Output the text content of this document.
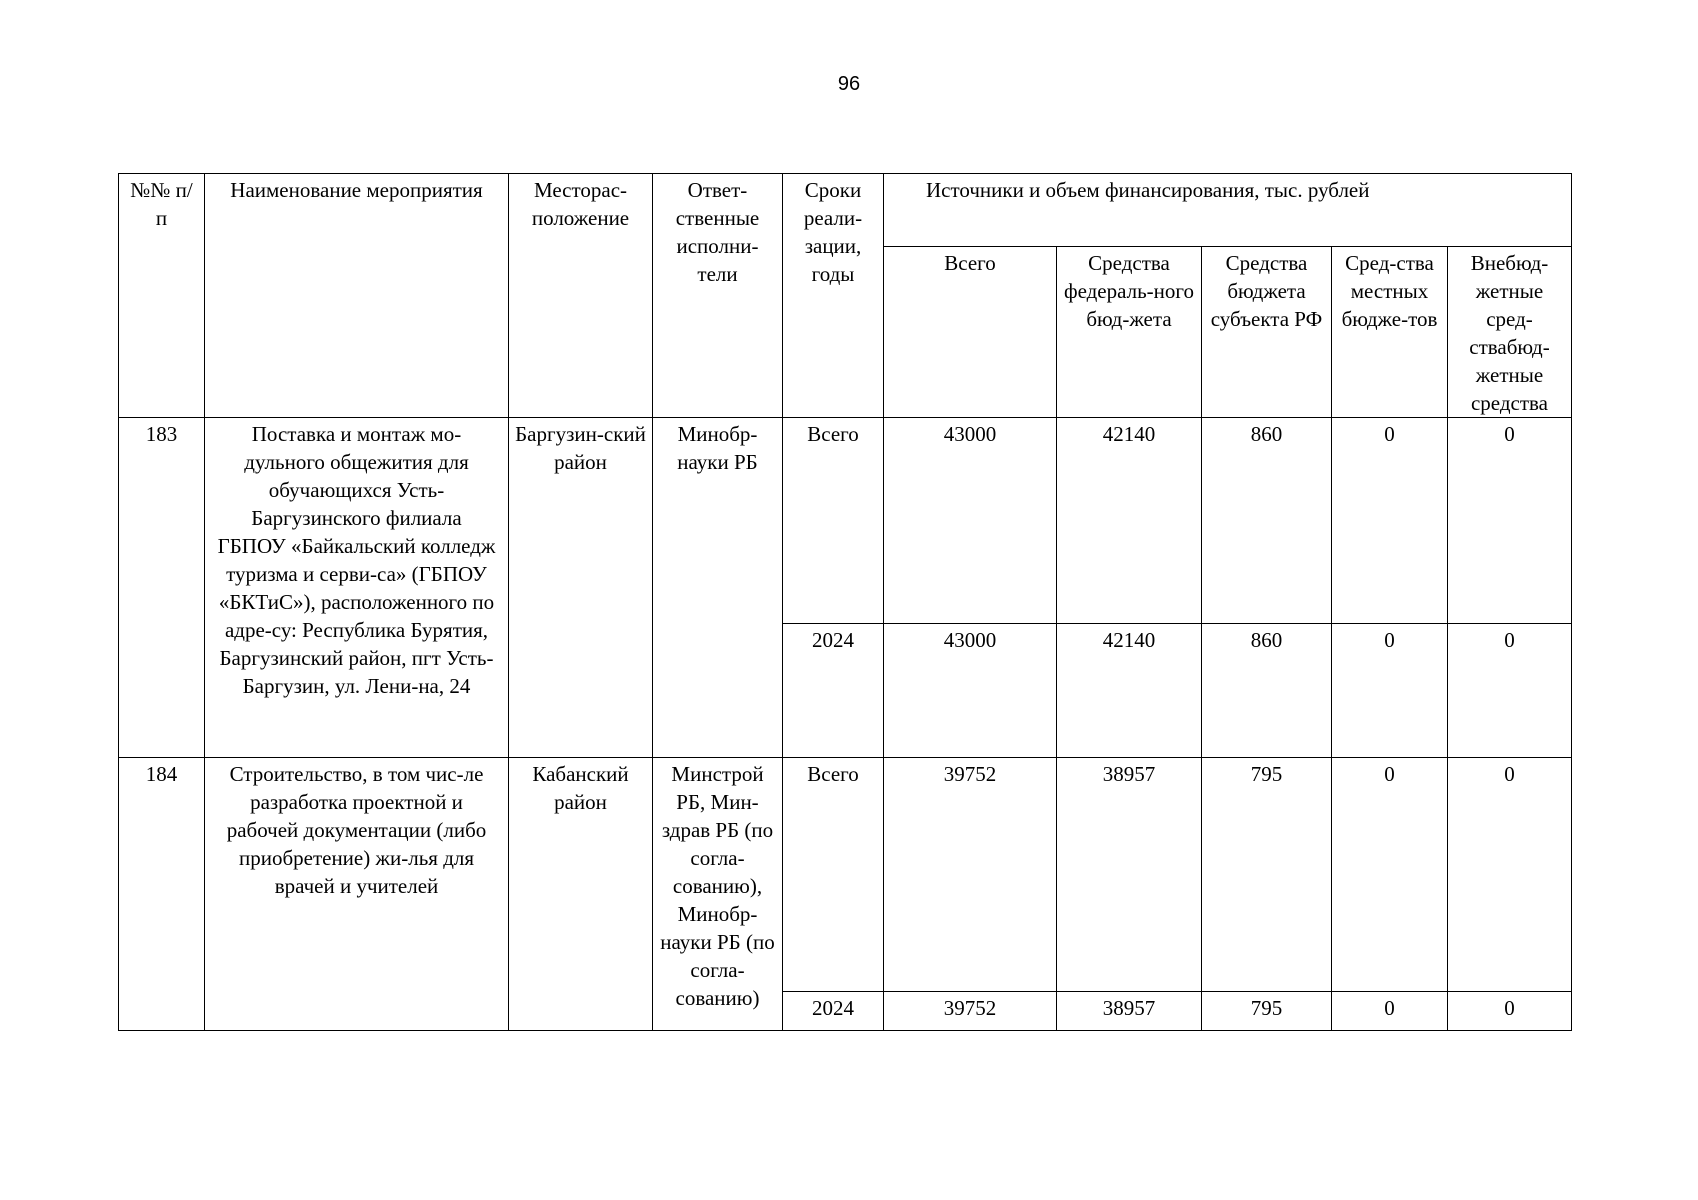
96
№№ п/п	Наименование мероприятия	Месторас-положение	Ответ-ственные исполни-тели	Сроки реали-зации, годы	Источники и объем финансирования, тыс. рублей				
					Всего	Средства федераль-ного бюд-жета	Средства бюджета субъекта РФ	Сред-ства местных бюдже-тов	Внебюд-жетные сред-ствабюд-жетные средства
183	Поставка и монтаж мо-дульного общежития для обучающихся Усть-Баргузинского филиала ГБПОУ «Байкальский колледж туризма и серви-са» (ГБПОУ «БКТиС»), расположенного по адре-су: Республика Бурятия, Баргузинский район, пгт Усть-Баргузин, ул. Лени-на, 24	Баргузин-ский район	Минобр-науки РБ	Всего	43000	42140	860	0	0
				2024	43000	42140	860	0	0
184	Строительство, в том чис-ле разработка проектной и рабочей документации (либо приобретение) жи-лья для врачей и учителей	Кабанский район	Минстрой РБ, Мин-здрав РБ (по согла-сованию), Минобр-науки РБ (по согла-сованию)	Всего	39752	38957	795	0	0
				2024	39752	38957	795	0	0
